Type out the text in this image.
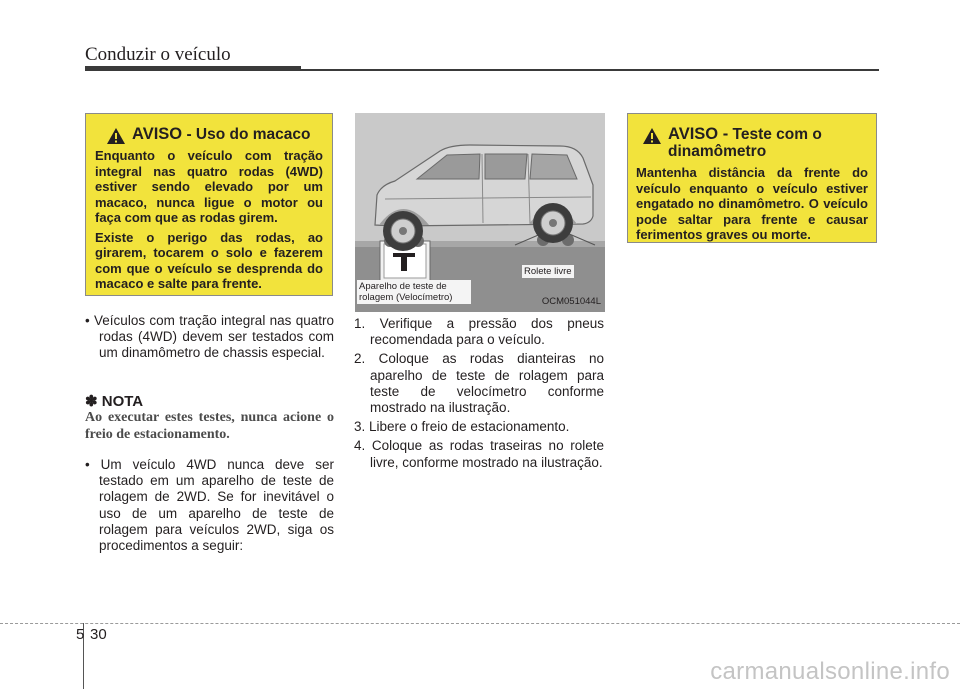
Conduzir o veículo
AVISO - Uso do macaco

Enquanto o veículo com tração integral nas quatro rodas (4WD) estiver sendo elevado por um macaco, nunca ligue o motor ou faça com que as rodas girem.

Existe o perigo das rodas, ao girarem, tocarem o solo e fazerem com que o veículo se desprenda do macaco e salte para frente.

• Veículos com tração integral nas quatro rodas (4WD) devem ser testados com um dinamômetro de chassis especial.

✽ NOTA
Ao executar estes testes, nunca acione o freio de estacionamento.

• Um veículo 4WD nunca deve ser testado em um aparelho de teste de rolagem de 2WD. Se for inevitável o uso de um aparelho de teste de rolagem para veículos 2WD, siga os procedimentos a seguir:

Aparelho de teste de rolagem (Velocímetro)
Rolete livre
OCM051044L

1. Verifique a pressão dos pneus recomendada para o veículo.

2. Coloque as rodas dianteiras no aparelho de teste de rolagem para teste de velocímetro conforme mostrado na ilustração.

3. Libere o freio de estacionamento.

4. Coloque as rodas traseiras no rolete livre, conforme mostrado na ilustração.

AVISO - Teste com o dinamômetro

Mantenha distância da frente do veículo enquanto o veículo estiver engatado no dinamômetro. O veículo pode saltar para frente e causar ferimentos graves ou morte.

5 30
carmanualsonline.info
